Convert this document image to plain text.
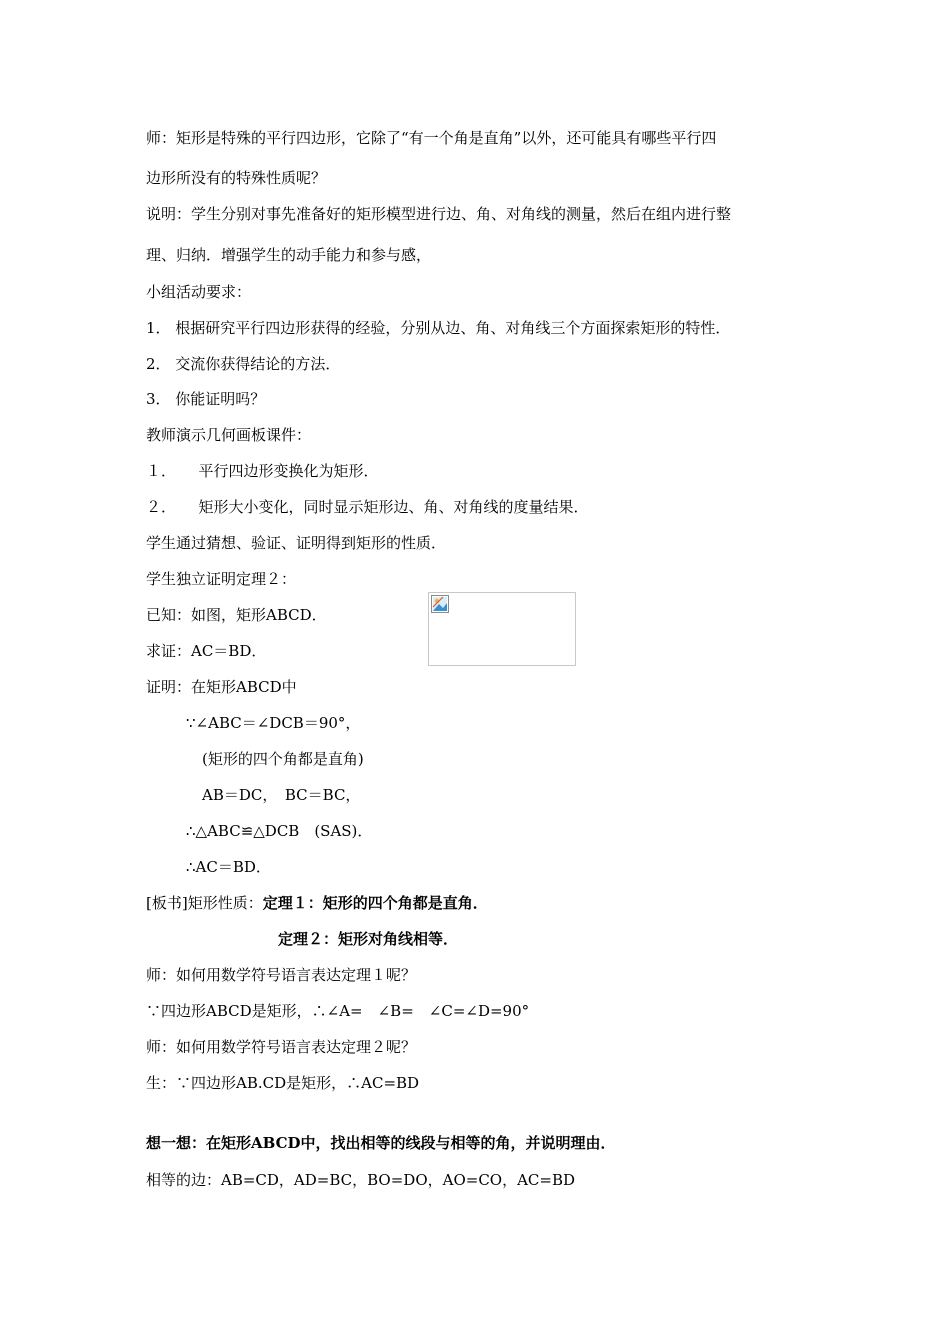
师：矩形是特殊的平行四边形，它除了“有一个角是直角”以外，还可能具有哪些平行四
边形所没有的特殊性质呢？
说明：学生分别对事先准备好的矩形模型进行边、角、对角线的测量，然后在组内进行整
理、归纳．增强学生的动手能力和参与感，
小组活动要求：
1． 根据研究平行四边形获得的经验，分别从边、角、对角线三个方面探索矩形的特性．
2． 交流你获得结论的方法．
3． 你能证明吗？
教师演示几何画板课件：
１．　　平行四边形变换化为矩形．
２．　　矩形大小变化，同时显示矩形边、角、对角线的度量结果．
学生通过猜想、验证、证明得到矩形的性质．
学生独立证明定理２：
已知：如图，矩形ABCD．
求证：AC＝BD．
证明：在矩形ABCD中
∵∠ABC＝∠DCB＝90°，
(矩形的四个角都是直角)
AB＝DC，　BC＝BC，
∴△ABC≌△DCB　(SAS)．
∴AC＝BD．
[板书]矩形性质：定理１：矩形的四个角都是直角．
定理２：矩形对角线相等．
师：如何用数学符号语言表达定理１呢？
∵四边形ABCD是矩形，∴∠A=　∠B=　∠C=∠D=90°
师：如何用数学符号语言表达定理２呢？
生：∵四边形AB.CD是矩形，∴AC=BD
想一想：在矩形ABCD中，找出相等的线段与相等的角，并说明理由．
相等的边：AB=CD，AD=BC，BO=DO，AO=CO，AC=BD
